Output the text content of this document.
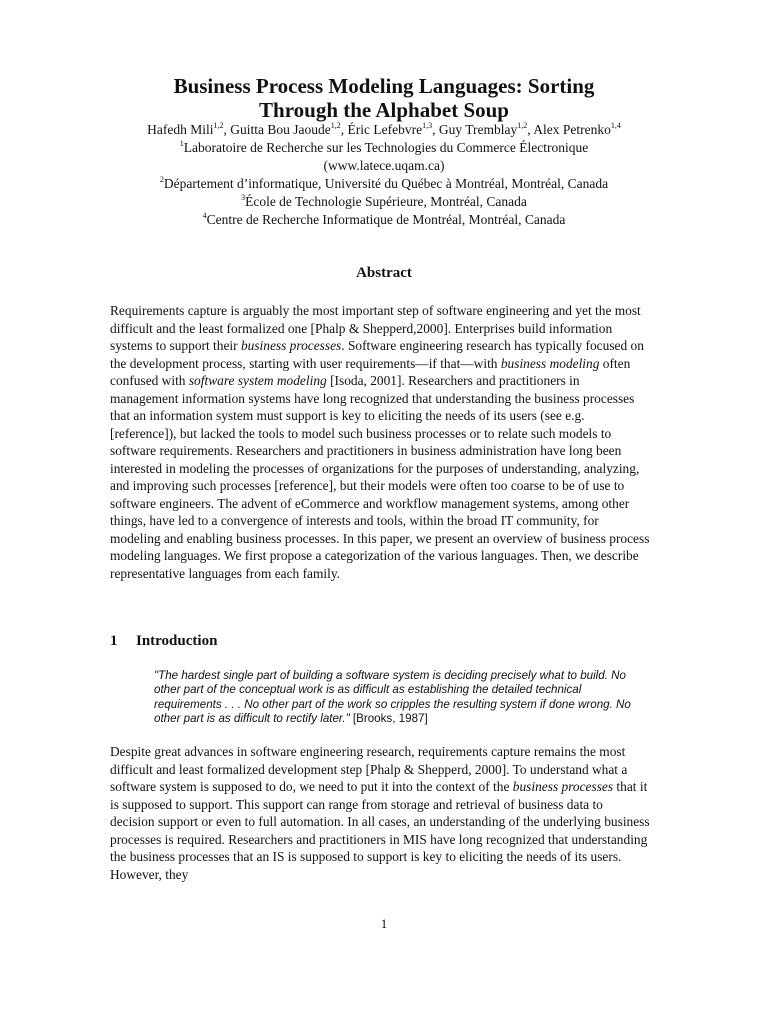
Business Process Modeling Languages: Sorting
Through the Alphabet Soup
Hafedh Mili$^{1,2}$, Guitta Bou Jaoude$^{1,2}$, Éric Lefebvre$^{1,3}$, Guy Tremblay$^{1,2}$, Alex Petrenko$^{1,4}$
$^1$Laboratoire de Recherche sur les Technologies du Commerce Électronique
(www.latece.uqam.ca)
$^2$Département d’informatique, Université du Québec à Montréal, Montréal, Canada
$^3$École de Technologie Supérieure, Montréal, Canada
$^4$Centre de Recherche Informatique de Montréal, Montréal, Canada
Abstract

Requirements capture is arguably the most important step of software engineering and yet the most difficult and the least formalized one [Phalp & Shepperd,2000]. Enterprises build information systems to support their business processes. Software engineering research has typically focused on the development process, starting with user requirements—if that—with business modeling often confused with software system modeling [Isoda, 2001]. Researchers and practitioners in management information systems have long recognized that understanding the business processes that an information system must support is key to eliciting the needs of its users (see e.g. [reference]), but lacked the tools to model such business processes or to relate such models to software requirements. Researchers and practitioners in business administration have long been interested in modeling the processes of organizations for the purposes of understanding, analyzing, and improving such processes [reference], but their models were often too coarse to be of use to software engineers. The advent of eCommerce and workflow management systems, among other things, have led to a convergence of interests and tools, within the broad IT community, for modeling and enabling business processes. In this paper, we present an overview of business process modeling languages. We first propose a categorization of the various languages. Then, we describe representative languages from each family.

1 Introduction

"The hardest single part of building a software system is deciding precisely what to build. No other part of the conceptual work is as difficult as establishing the detailed technical requirements . . . No other part of the work so cripples the resulting system if done wrong. No other part is as difficult to rectify later." [Brooks, 1987]

Despite great advances in software engineering research, requirements capture remains the most difficult and least formalized development step [Phalp & Shepperd, 2000]. To understand what a software system is supposed to do, we need to put it into the context of the business processes that it is supposed to support. This support can range from storage and retrieval of business data to decision support or even to full automation. In all cases, an understanding of the underlying business processes is required. Researchers and practitioners in MIS have long recognized that understanding the business processes that an IS is supposed to support is key to eliciting the needs of its users. However, they

1
